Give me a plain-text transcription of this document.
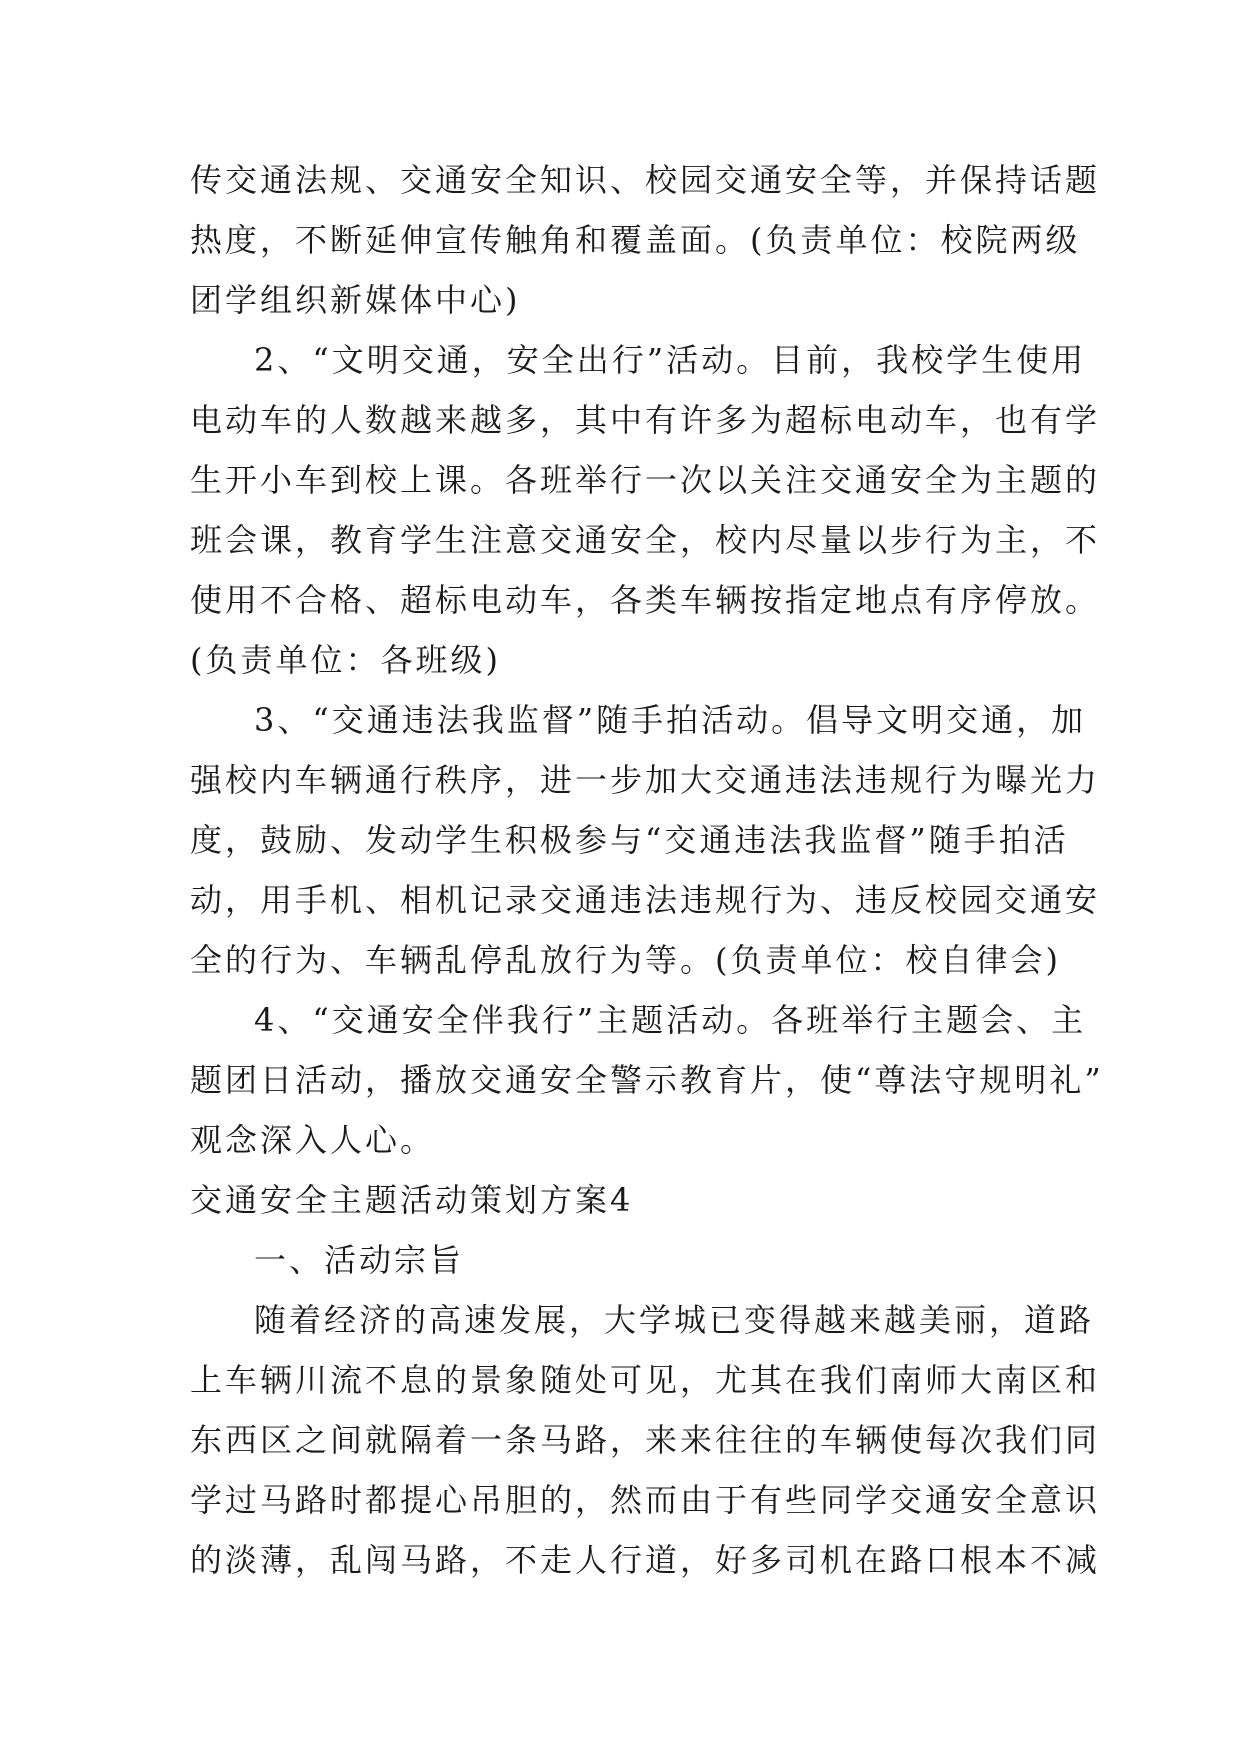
传交通法规、交通安全知识、校园交通安全等，并保持话题
热度，不断延伸宣传触角和覆盖面。(负责单位：校院两级
团学组织新媒体中心)
2、“文明交通，安全出行”活动。目前，我校学生使用
电动车的人数越来越多，其中有许多为超标电动车，也有学
生开小车到校上课。各班举行一次以关注交通安全为主题的
班会课，教育学生注意交通安全，校内尽量以步行为主，不
使用不合格、超标电动车，各类车辆按指定地点有序停放。
(负责单位：各班级)
3、“交通违法我监督”随手拍活动。倡导文明交通，加
强校内车辆通行秩序，进一步加大交通违法违规行为曝光力
度，鼓励、发动学生积极参与“交通违法我监督”随手拍活
动，用手机、相机记录交通违法违规行为、违反校园交通安
全的行为、车辆乱停乱放行为等。(负责单位：校自律会)
4、“交通安全伴我行”主题活动。各班举行主题会、主
题团日活动，播放交通安全警示教育片，使“尊法守规明礼”
观念深入人心。
交通安全主题活动策划方案4
一、活动宗旨
随着经济的高速发展，大学城已变得越来越美丽，道路
上车辆川流不息的景象随处可见，尤其在我们南师大南区和
东西区之间就隔着一条马路，来来往往的车辆使每次我们同
学过马路时都提心吊胆的，然而由于有些同学交通安全意识
的淡薄，乱闯马路，不走人行道，好多司机在路口根本不减
